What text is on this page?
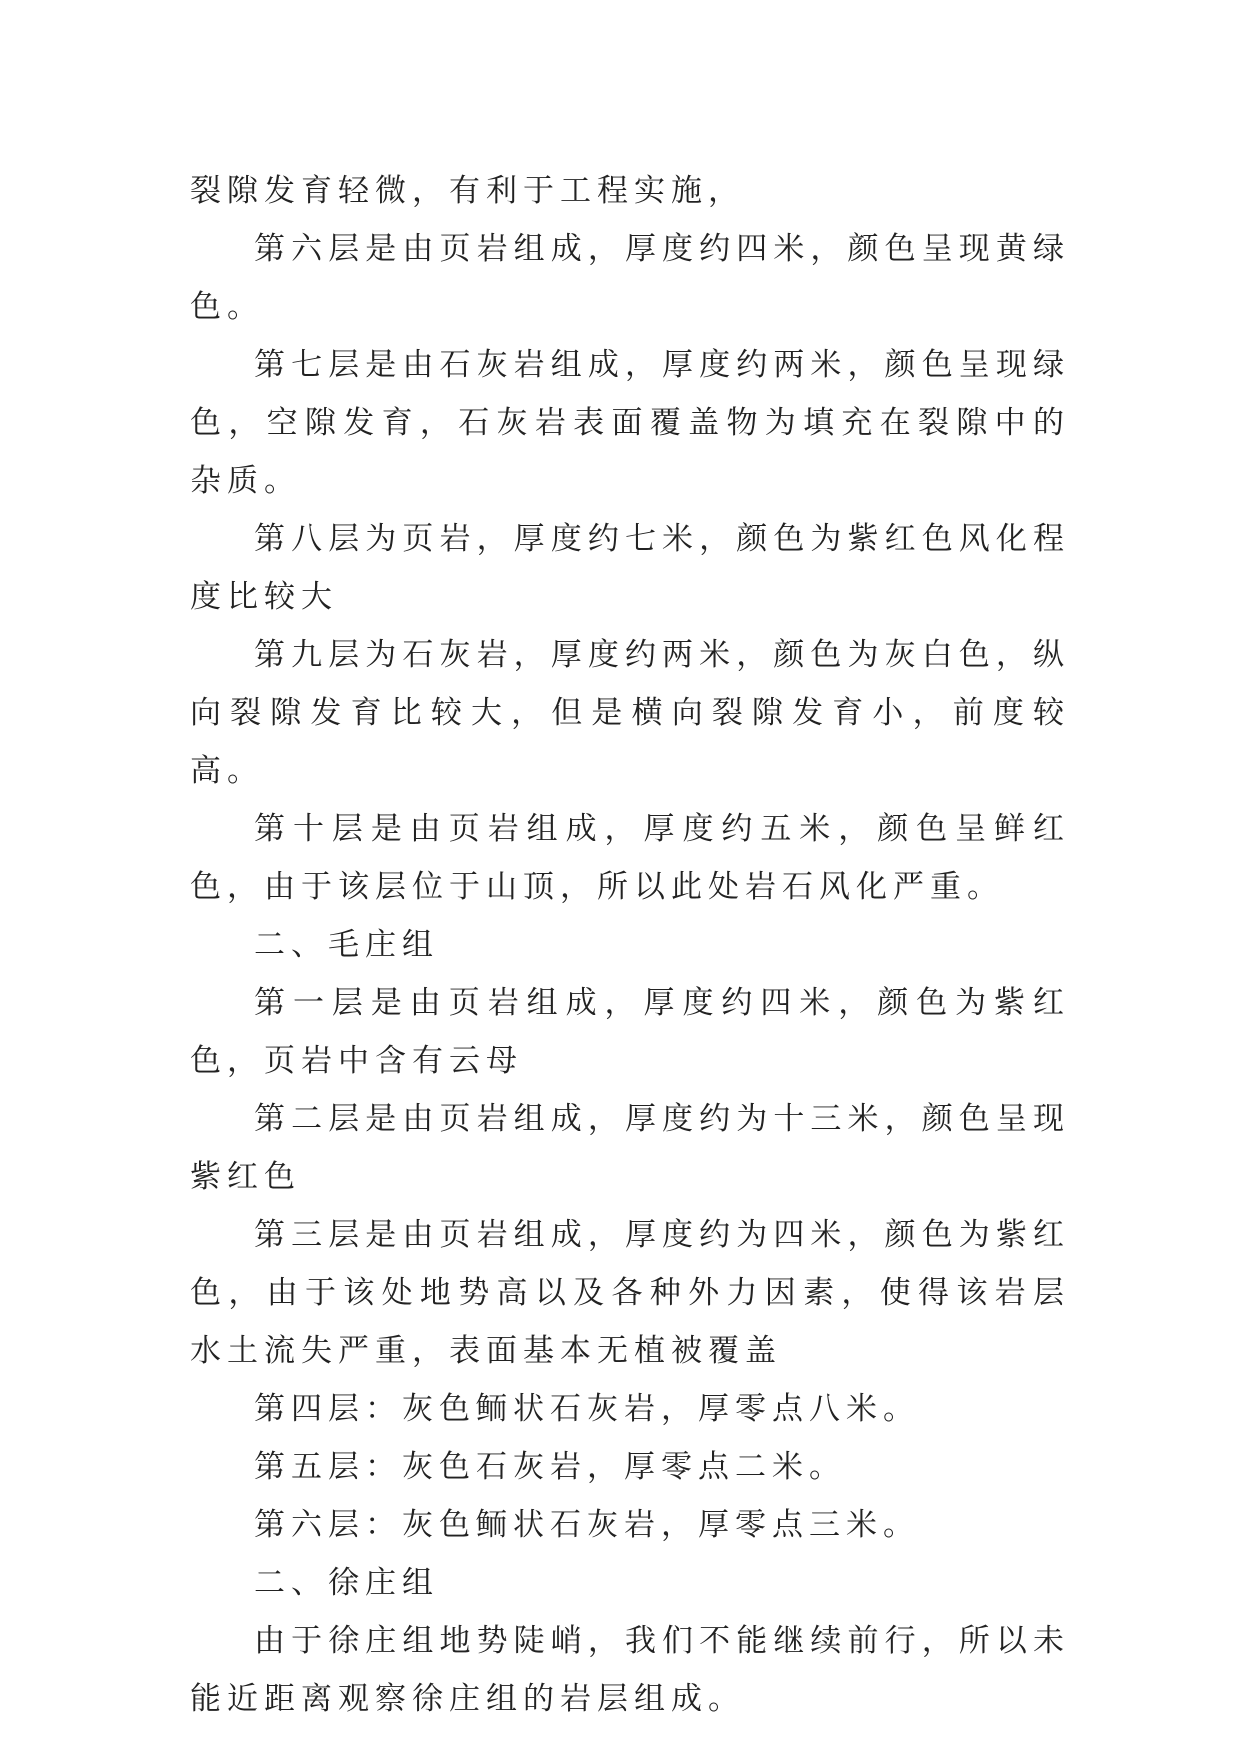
裂隙发育轻微，有利于工程实施，

第六层是由页岩组成，厚度约四米，颜色呈现黄绿色。

第七层是由石灰岩组成，厚度约两米，颜色呈现绿色，空隙发育，石灰岩表面覆盖物为填充在裂隙中的杂质。

第八层为页岩，厚度约七米，颜色为紫红色风化程度比较大

第九层为石灰岩，厚度约两米，颜色为灰白色，纵向裂隙发育比较大，但是横向裂隙发育小，前度较高。

第十层是由页岩组成，厚度约五米，颜色呈鲜红色，由于该层位于山顶，所以此处岩石风化严重。

二、毛庄组

第一层是由页岩组成，厚度约四米，颜色为紫红色，页岩中含有云母

第二层是由页岩组成，厚度约为十三米，颜色呈现紫红色

第三层是由页岩组成，厚度约为四米，颜色为紫红色，由于该处地势高以及各种外力因素，使得该岩层水土流失严重，表面基本无植被覆盖

第四层：灰色鲕状石灰岩，厚零点八米。

第五层：灰色石灰岩，厚零点二米。

第六层：灰色鲕状石灰岩，厚零点三米。

二、徐庄组

由于徐庄组地势陡峭，我们不能继续前行，所以未能近距离观察徐庄组的岩层组成。
